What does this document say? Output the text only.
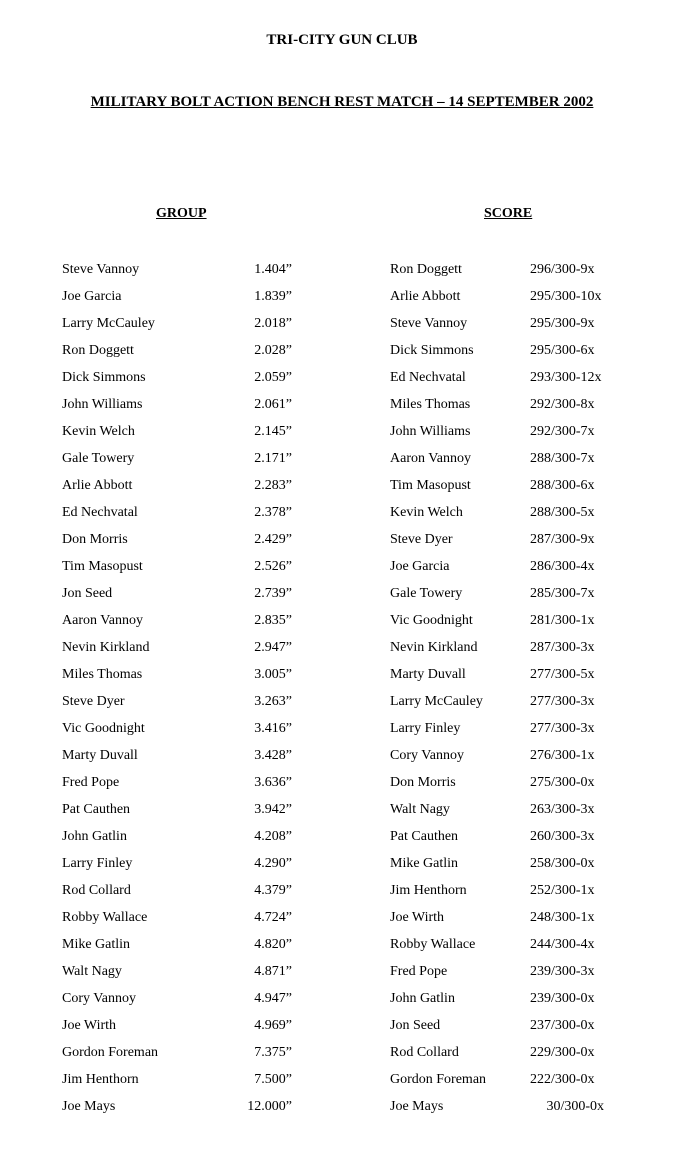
TRI-CITY GUN CLUB
MILITARY BOLT ACTION BENCH REST MATCH – 14 SEPTEMBER 2002
GROUP	SCORE
Steve Vannoy	1.404”
Joe Garcia	1.839”
Larry McCauley	2.018”
Ron Doggett	2.028”
Dick Simmons	2.059”
John Williams	2.061”
Kevin Welch	2.145”
Gale Towery	2.171”
Arlie Abbott	2.283”
Ed Nechvatal	2.378”
Don Morris	2.429”
Tim Masopust	2.526”
Jon Seed	2.739”
Aaron Vannoy	2.835”
Nevin Kirkland	2.947”
Miles Thomas	3.005”
Steve Dyer	3.263”
Vic Goodnight	3.416”
Marty Duvall	3.428”
Fred Pope	3.636”
Pat Cauthen	3.942”
John Gatlin	4.208”
Larry Finley	4.290”
Rod Collard	4.379”
Robby Wallace	4.724”
Mike Gatlin	4.820”
Walt Nagy	4.871”
Cory Vannoy	4.947”
Joe Wirth	4.969”
Gordon Foreman	7.375”
Jim Henthorn	7.500”
Joe Mays	12.000”
Ron Doggett	296/300-9x
Arlie Abbott	295/300-10x
Steve Vannoy	295/300-9x
Dick Simmons	295/300-6x
Ed Nechvatal	293/300-12x
Miles Thomas	292/300-8x
John Williams	292/300-7x
Aaron Vannoy	288/300-7x
Tim Masopust	288/300-6x
Kevin Welch	288/300-5x
Steve Dyer	287/300-9x
Joe Garcia	286/300-4x
Gale Towery	285/300-7x
Vic Goodnight	281/300-1x
Nevin Kirkland	287/300-3x
Marty Duvall	277/300-5x
Larry McCauley	277/300-3x
Larry Finley	277/300-3x
Cory Vannoy	276/300-1x
Don Morris	275/300-0x
Walt Nagy	263/300-3x
Pat Cauthen	260/300-3x
Mike Gatlin	258/300-0x
Jim Henthorn	252/300-1x
Joe Wirth	248/300-1x
Robby Wallace	244/300-4x
Fred Pope	239/300-3x
John Gatlin	239/300-0x
Jon Seed	237/300-0x
Rod Collard	229/300-0x
Gordon Foreman	222/300-0x
Joe Mays	30/300-0x
